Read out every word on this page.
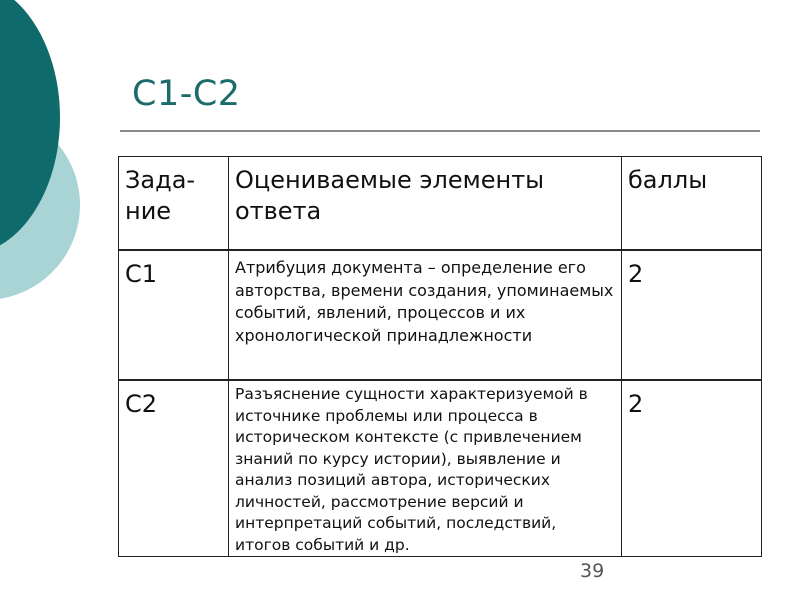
C1-C2
Зада-ние	Оцениваемые элементы ответа	баллы
С1	Атрибуция документа – определение его авторства, времени создания, упоминаемых событий, явлений, процессов и их хронологической принадлежности	2
С2	Разъяснение сущности характеризуемой в источнике проблемы или процесса в историческом контексте (с привлечением знаний по курсу истории), выявление и анализ позиций автора, исторических личностей, рассмотрение версий и интерпретаций событий, последствий, итогов событий и др.	2
39
